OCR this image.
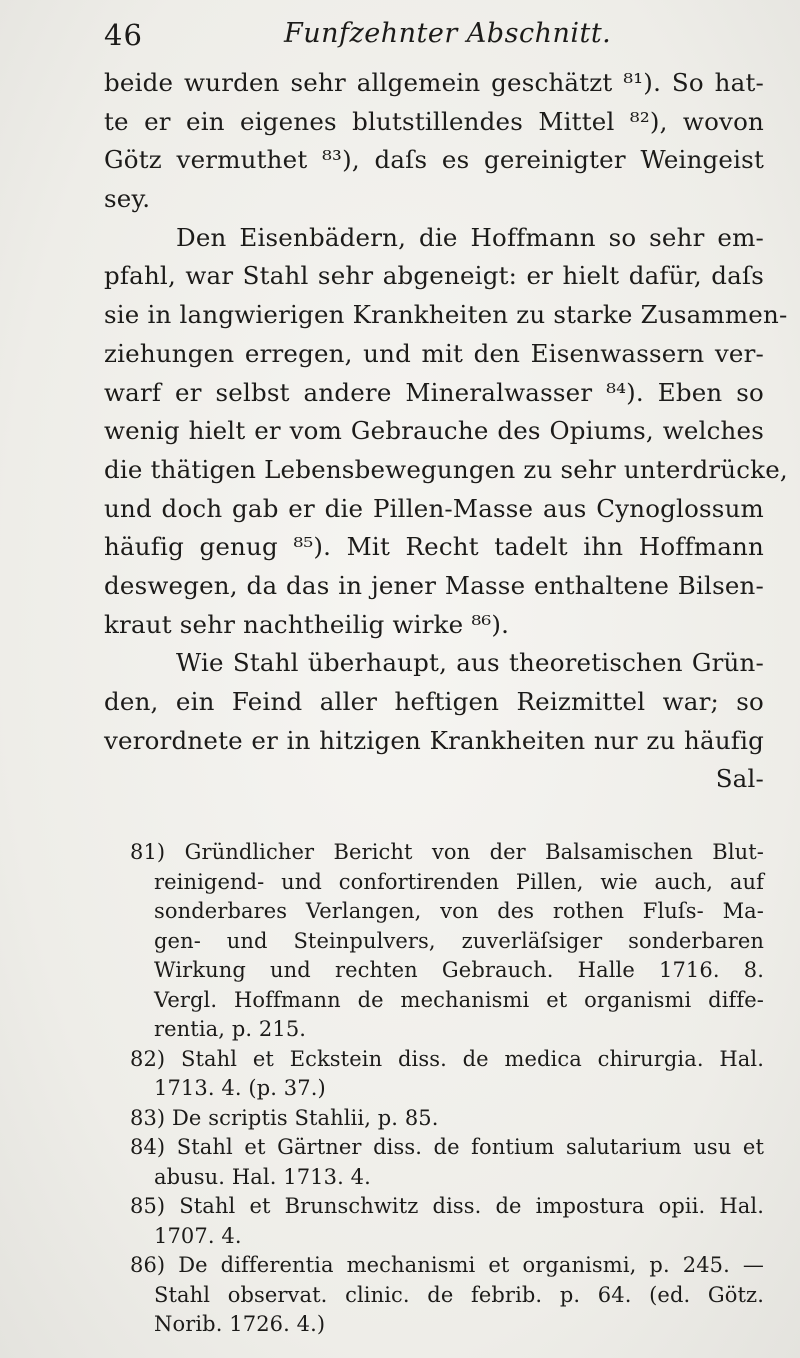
46	Funfzehnter Abschnitt.
beide wurden sehr allgemein geschätzt ⁸¹). So hat-
te er ein eigenes blutstillendes Mittel ⁸²), wovon
Götz vermuthet ⁸³), daſs es gereinigter Weingeist
sey.
Den Eisenbädern, die Hoffmann so sehr em-
pfahl, war Stahl sehr abgeneigt: er hielt dafür, daſs
sie in langwierigen Krankheiten zu starke Zusammen-
ziehungen erregen, und mit den Eisenwassern ver-
warf er selbst andere Mineralwasser ⁸⁴). Eben so
wenig hielt er vom Gebrauche des Opiums, welches
die thätigen Lebensbewegungen zu sehr unterdrücke,
und doch gab er die Pillen-Masse aus Cynoglossum
häufig genug ⁸⁵). Mit Recht tadelt ihn Hoffmann
deswegen, da das in jener Masse enthaltene Bilsen-
kraut sehr nachtheilig wirke ⁸⁶).
Wie Stahl überhaupt, aus theoretischen Grün-
den, ein Feind aller heftigen Reizmittel war; so
verordnete er in hitzigen Krankheiten nur zu häufig
Sal-
81) Gründlicher Bericht von der Balsamischen Blut-
reinigend- und confortirenden Pillen, wie auch, auf
sonderbares Verlangen, von des rothen Fluſs- Ma-
gen- und Steinpulvers, zuverläſsiger sonderbaren
Wirkung und rechten Gebrauch. Halle 1716. 8.
Vergl. Hoffmann de mechanismi et organismi diffe-
rentia, p. 215.
82) Stahl et Eckstein diss. de medica chirurgia. Hal.
1713. 4. (p. 37.)
83) De scriptis Stahlii, p. 85.
84) Stahl et Gärtner diss. de fontium salutarium usu et
abusu. Hal. 1713. 4.
85) Stahl et Brunschwitz diss. de impostura opii. Hal.
1707. 4.
86) De differentia mechanismi et organismi, p. 245. —
Stahl observat. clinic. de febrib. p. 64. (ed. Götz.
Norib. 1726. 4.)
